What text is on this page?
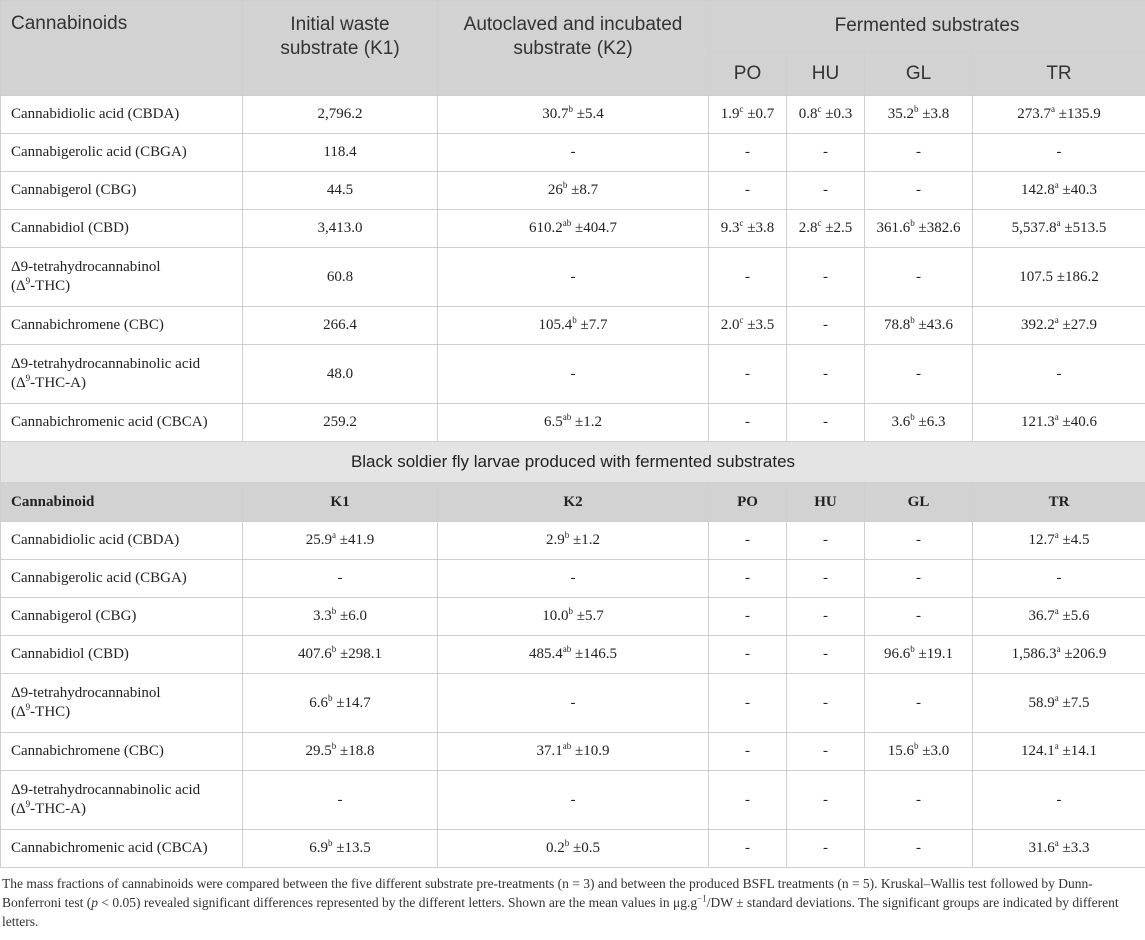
Cannabinoids	Initial waste substrate (K1)	Autoclaved and incubated substrate (K2)	Fermented substrates			
			PO	HU	GL	TR
Cannabidiolic acid (CBDA)	2,796.2	30.7$^b$ ±5.4	1.9$^c$ ±0.7	0.8$^c$ ±0.3	35.2$^b$ ±3.8	273.7$^a$ ±135.9
Cannabigerolic acid (CBGA)	118.4	-	-	-	-	-
Cannabigerol (CBG)	44.5	$26^b \pm 8.7$	-	-	-	142.8$^a$ ±40.3
Cannabidiol (CBD)	3,413.0	610.2$^{ab}$ ±404.7	9.3$^c$ ±3.8	2.8$^c$ ±2.5	361.6$^b$ ±382.6	5,537.8$^a$ ±513.5
Δ9-tetrahydrocannabinol
$(\Delta^9-THC)$	60.8	-	-	-	-	107.5 ±186.2
Cannabichromene (CBC)	266.4	105.4$^b$ ±7.7	2.0$^c$ ±3.5	-	78.8$^b$ ±43.6	392.2$^a$ ±27.9
Δ9-tetrahydrocannabinolic acid
$(\Delta^9-THC-A)$	48.0	-	-	-	-	-
Cannabichromenic acid (CBCA)	259.2	6.5$^{ab}$ ±1.2	-	-	3.6$^b$ ±6.3	121.3$^a$ ±40.6
Black soldier fly larvae produced with fermented substrates						
Cannabinoid	K1	K2	PO	HU	GL	TR
Cannabidiolic acid (CBDA)	25.9$^a$ ±41.9	2.9$^b$ ±1.2	-	-	-	12.7$^a$ ±4.5
Cannabigerolic acid (CBGA)	-	-	-	-	-	-
Cannabigerol (CBG)	3.3$^b$ ±6.0	10.0$^b$ ±5.7	-	-	-	36.7$^a$ ±5.6
Cannabidiol (CBD)	407.6$^b$ ±298.1	485.4$^{ab}$ ±146.5	-	-	96.6$^b$ ±19.1	1,586.3$^a$ ±206.9
Δ9-tetrahydrocannabinol
$(\Delta^9-THC)$	6.6$^b$ ±14.7	-	-	-	-	58.9$^a$ ±7.5
Cannabichromene (CBC)	29.5$^b$ ±18.8	37.1$^{ab}$ ±10.9	-	-	15.6$^b$ ±3.0	124.1$^a$ ±14.1
Δ9-tetrahydrocannabinolic acid
$(\Delta^9-THC-A)$	-	-	-	-	-	-
Cannabichromenic acid (CBCA)	6.9$^b$ ±13.5	0.2$^b$ ±0.5	-	-	-	31.6$^a$ ±3.3
The mass fractions of cannabinoids were compared between the five different substrate pre-treatments (n = 3) and between the produced BSFL treatments (n = 5). Kruskal–Wallis test followed by Dunn-Bonferroni test (p < 0.05) revealed significant differences represented by the different letters. Shown are the mean values in $\mu g.g^{-1}/DW$ ± standard deviations. The significant groups are indicated by different letters.
